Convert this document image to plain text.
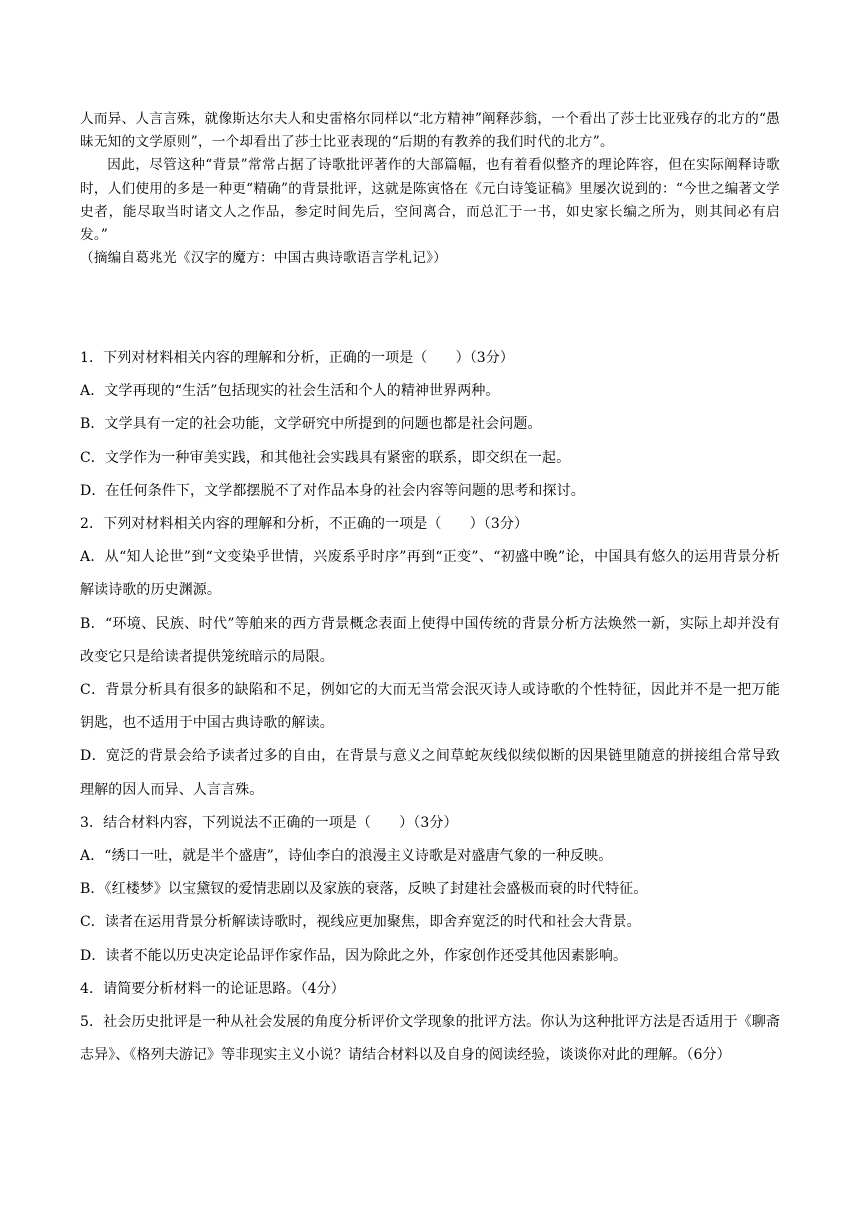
人而异、人言言殊，就像斯达尔夫人和史雷格尔同样以“北方精神”阐释莎翁，一个看出了莎士比亚残存的北方的“愚昧无知的文学原则”，一个却看出了莎士比亚表现的“后期的有教养的我们时代的北方”。

因此，尽管这种“背景”常常占据了诗歌批评著作的大部篇幅，也有着看似整齐的理论阵容，但在实际阐释诗歌时，人们使用的多是一种更“精确”的背景批评，这就是陈寅恪在《元白诗笺证稿》里屡次说到的：“今世之编著文学史者，能尽取当时诸文人之作品，参定时间先后，空间离合，而总汇于一书，如史家长编之所为，则其间必有启发。”

（摘编自葛兆光《汉字的魔方：中国古典诗歌语言学札记》）

1．下列对材料相关内容的理解和分析，正确的一项是（　　）（3分）

A．文学再现的“生活”包括现实的社会生活和个人的精神世界两种。

B．文学具有一定的社会功能，文学研究中所提到的问题也都是社会问题。

C．文学作为一种审美实践，和其他社会实践具有紧密的联系，即交织在一起。

D．在任何条件下，文学都摆脱不了对作品本身的社会内容等问题的思考和探讨。

2．下列对材料相关内容的理解和分析，不正确的一项是（　　）（3分）

A．从“知人论世”到“文变染乎世情，兴废系乎时序”再到“正变”、“初盛中晚”论，中国具有悠久的运用背景分析解读诗歌的历史渊源。

B．“环境、民族、时代”等舶来的西方背景概念表面上使得中国传统的背景分析方法焕然一新，实际上却并没有改变它只是给读者提供笼统暗示的局限。

C．背景分析具有很多的缺陷和不足，例如它的大而无当常会泯灭诗人或诗歌的个性特征，因此并不是一把万能钥匙，也不适用于中国古典诗歌的解读。

D．宽泛的背景会给予读者过多的自由，在背景与意义之间草蛇灰线似续似断的因果链里随意的拼接组合常导致理解的因人而异、人言言殊。

3．结合材料内容，下列说法不正确的一项是（　　）（3分）

A．“绣口一吐，就是半个盛唐”，诗仙李白的浪漫主义诗歌是对盛唐气象的一种反映。

B．《红楼梦》以宝黛钗的爱情悲剧以及家族的衰落，反映了封建社会盛极而衰的时代特征。

C．读者在运用背景分析解读诗歌时，视线应更加聚焦，即舍弃宽泛的时代和社会大背景。

D．读者不能以历史决定论品评作家作品，因为除此之外，作家创作还受其他因素影响。

4．请简要分析材料一的论证思路。（4分）

5．社会历史批评是一种从社会发展的角度分析评价文学现象的批评方法。你认为这种批评方法是否适用于《聊斋志异》、《格列夫游记》等非现实主义小说？请结合材料以及自身的阅读经验，谈谈你对此的理解。（6分）
